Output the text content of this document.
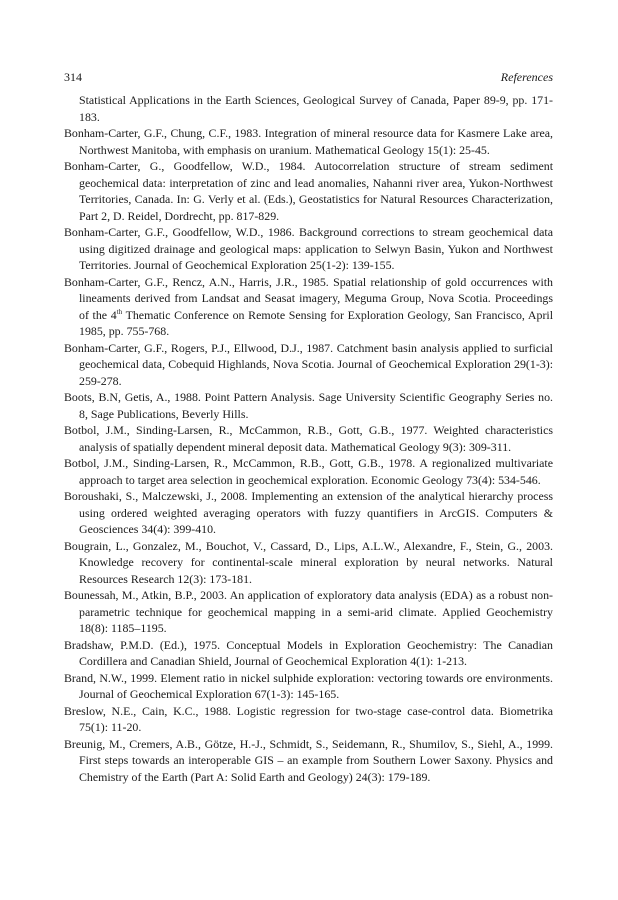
314	References

Statistical Applications in the Earth Sciences, Geological Survey of Canada, Paper 89-9, pp. 171-183.

Bonham-Carter, G.F., Chung, C.F., 1983. Integration of mineral resource data for Kasmere Lake area, Northwest Manitoba, with emphasis on uranium. Mathematical Geology 15(1): 25-45.

Bonham-Carter, G., Goodfellow, W.D., 1984. Autocorrelation structure of stream sediment geochemical data: interpretation of zinc and lead anomalies, Nahanni river area, Yukon-Northwest Territories, Canada. In: G. Verly et al. (Eds.), Geostatistics for Natural Resources Characterization, Part 2, D. Reidel, Dordrecht, pp. 817-829.

Bonham-Carter, G.F., Goodfellow, W.D., 1986. Background corrections to stream geochemical data using digitized drainage and geological maps: application to Selwyn Basin, Yukon and Northwest Territories. Journal of Geochemical Exploration 25(1-2): 139-155.

Bonham-Carter, G.F., Rencz, A.N., Harris, J.R., 1985. Spatial relationship of gold occurrences with lineaments derived from Landsat and Seasat imagery, Meguma Group, Nova Scotia. Proceedings of the 4th Thematic Conference on Remote Sensing for Exploration Geology, San Francisco, April 1985, pp. 755-768.

Bonham-Carter, G.F., Rogers, P.J., Ellwood, D.J., 1987. Catchment basin analysis applied to surficial geochemical data, Cobequid Highlands, Nova Scotia. Journal of Geochemical Exploration 29(1-3): 259-278.

Boots, B.N, Getis, A., 1988. Point Pattern Analysis. Sage University Scientific Geography Series no. 8, Sage Publications, Beverly Hills.

Botbol, J.M., Sinding-Larsen, R., McCammon, R.B., Gott, G.B., 1977. Weighted characteristics analysis of spatially dependent mineral deposit data. Mathematical Geology 9(3): 309-311.

Botbol, J.M., Sinding-Larsen, R., McCammon, R.B., Gott, G.B., 1978. A regionalized multivariate approach to target area selection in geochemical exploration. Economic Geology 73(4): 534-546.

Boroushaki, S., Malczewski, J., 2008. Implementing an extension of the analytical hierarchy process using ordered weighted averaging operators with fuzzy quantifiers in ArcGIS. Computers & Geosciences 34(4): 399-410.

Bougrain, L., Gonzalez, M., Bouchot, V., Cassard, D., Lips, A.L.W., Alexandre, F., Stein, G., 2003. Knowledge recovery for continental-scale mineral exploration by neural networks. Natural Resources Research 12(3): 173-181.

Bounessah, M., Atkin, B.P., 2003. An application of exploratory data analysis (EDA) as a robust non-parametric technique for geochemical mapping in a semi-arid climate. Applied Geochemistry 18(8): 1185–1195.

Bradshaw, P.M.D. (Ed.), 1975. Conceptual Models in Exploration Geochemistry: The Canadian Cordillera and Canadian Shield, Journal of Geochemical Exploration 4(1): 1-213.

Brand, N.W., 1999. Element ratio in nickel sulphide exploration: vectoring towards ore environments. Journal of Geochemical Exploration 67(1-3): 145-165.

Breslow, N.E., Cain, K.C., 1988. Logistic regression for two-stage case-control data. Biometrika 75(1): 11-20.

Breunig, M., Cremers, A.B., Götze, H.-J., Schmidt, S., Seidemann, R., Shumilov, S., Siehl, A., 1999. First steps towards an interoperable GIS – an example from Southern Lower Saxony. Physics and Chemistry of the Earth (Part A: Solid Earth and Geology) 24(3): 179-189.
